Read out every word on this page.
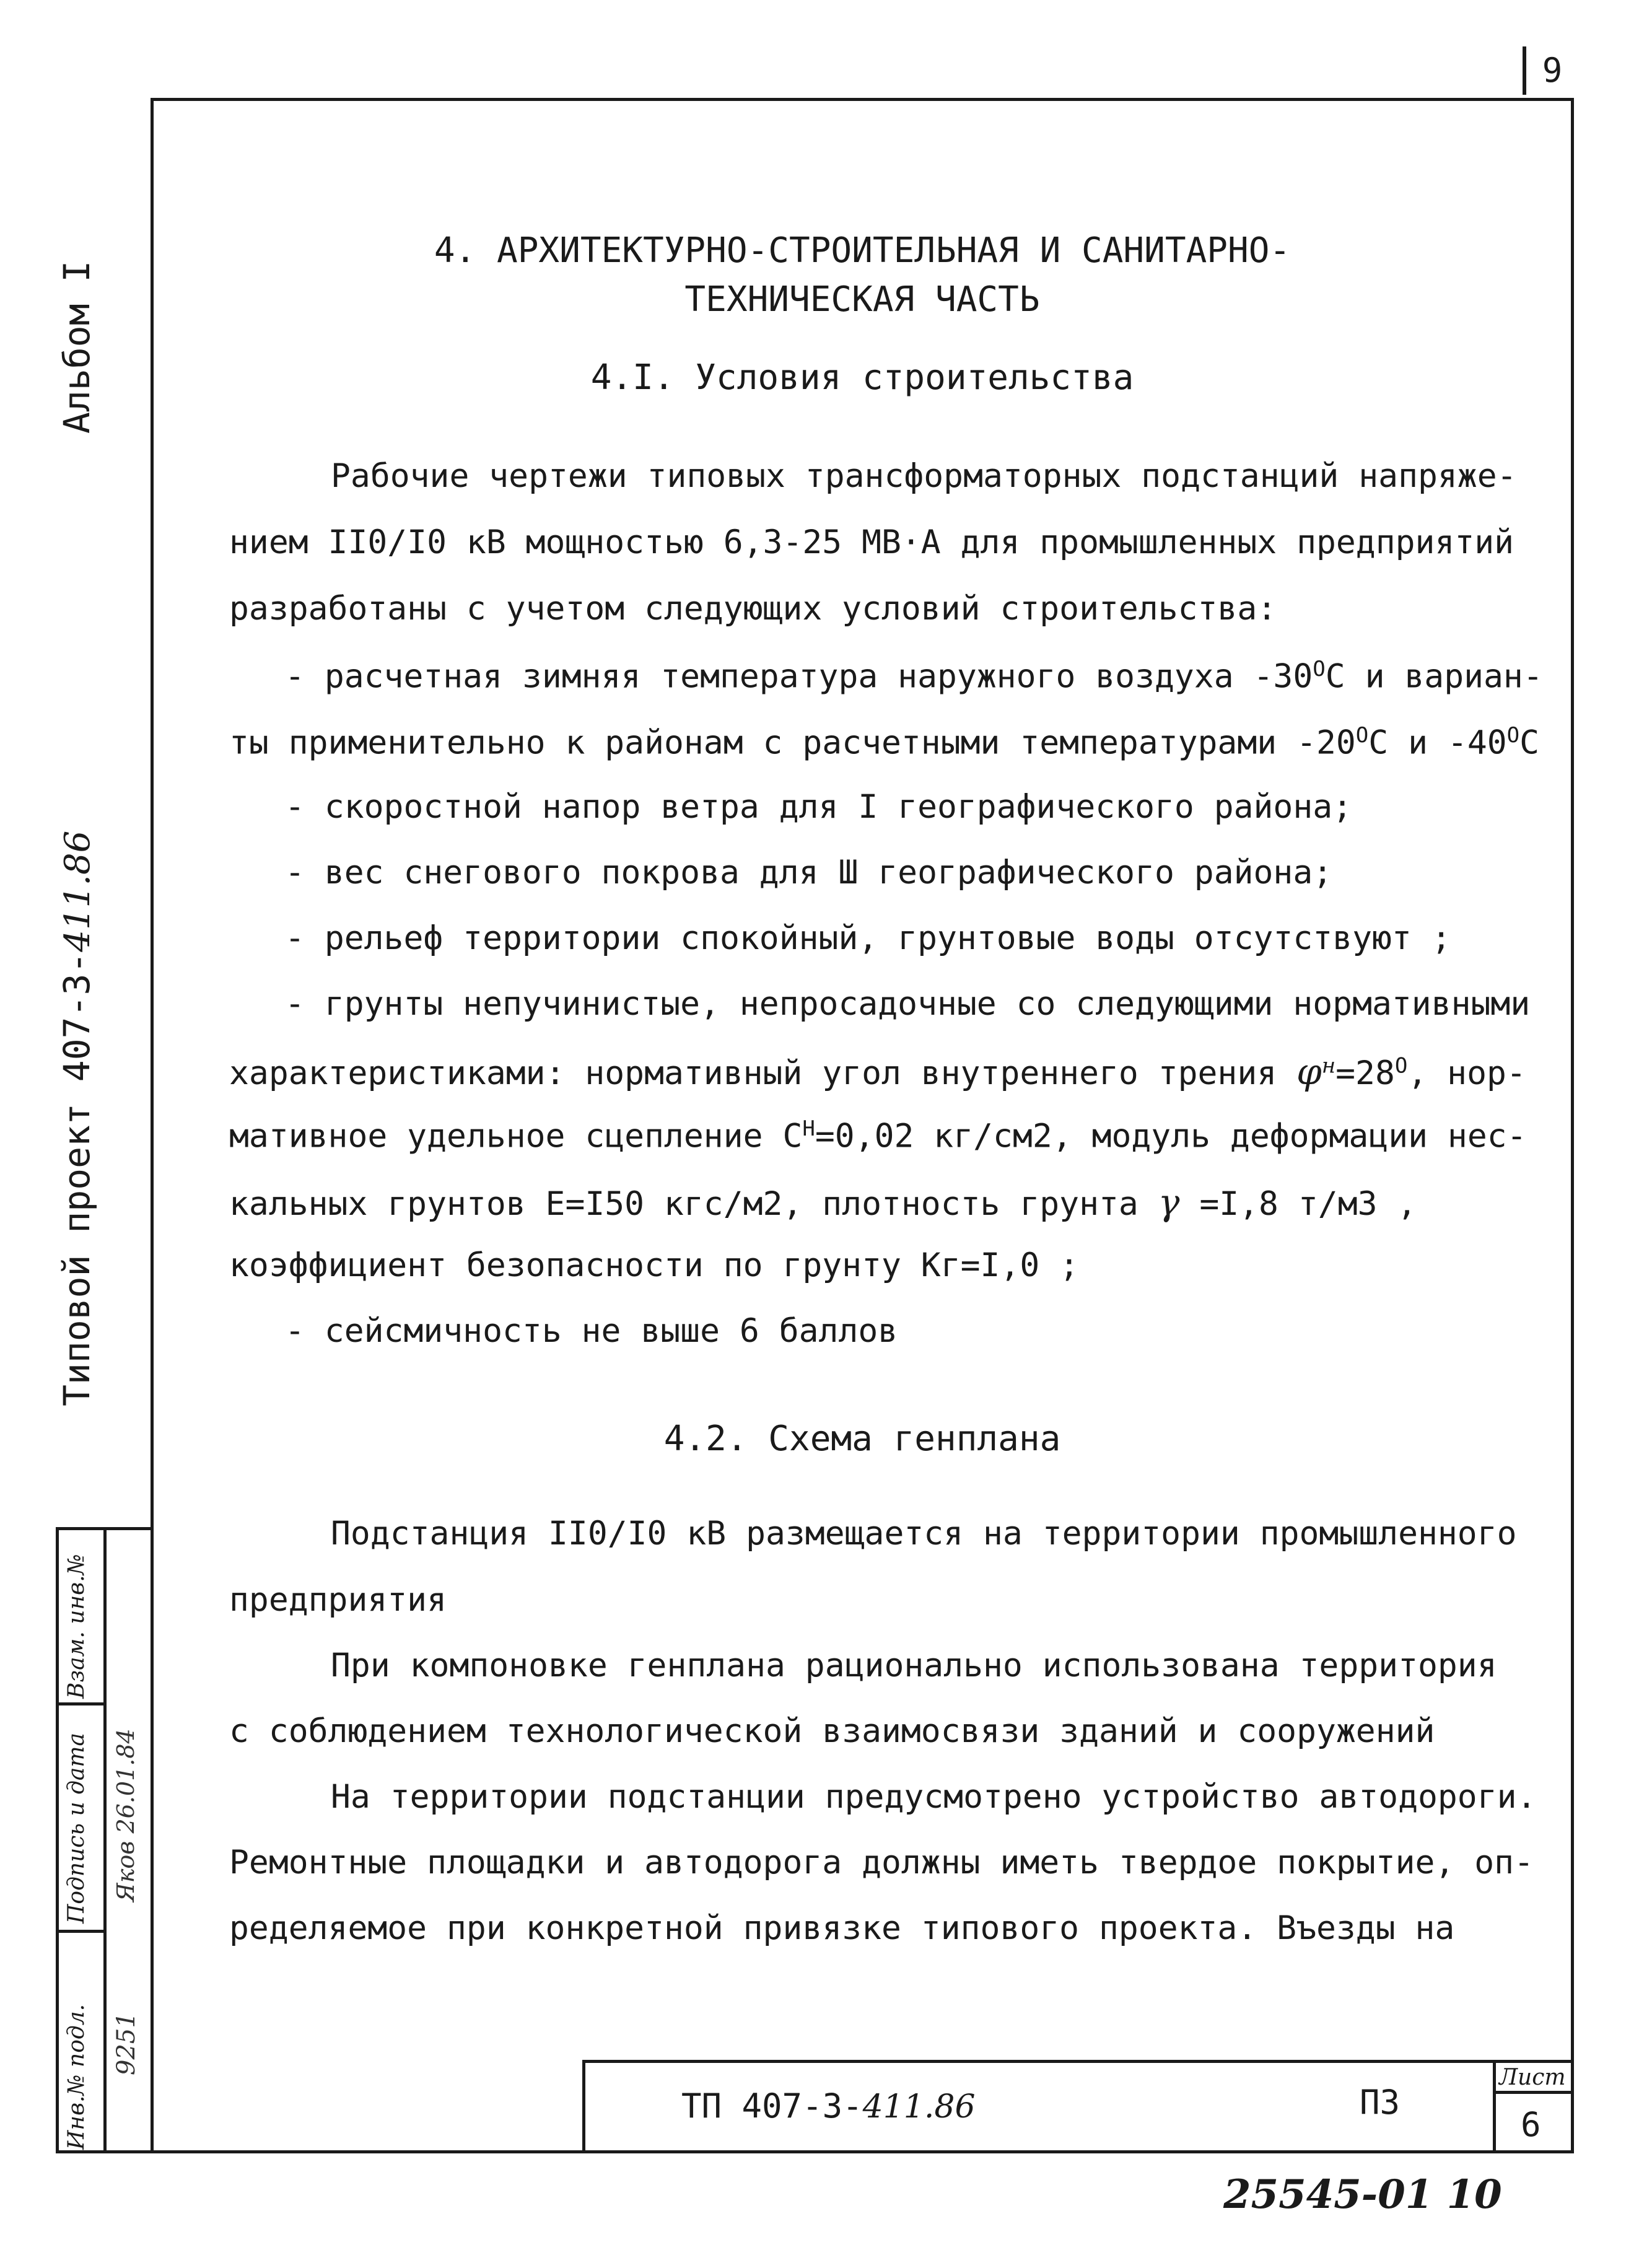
9
Альбом I
Типовой проект 407-3-411.86
Взам. инв.№
Подпись и дата
Инв.№ подл.
Яков 26.01.84
9251
4. АРХИТЕКТУРНО-СТРОИТЕЛЬНАЯ И САНИТАРНО-
ТЕХНИЧЕСКАЯ ЧАСТЬ
4.I. Условия строительства
Рабочие чертежи типовых трансформаторных подстанций напряже-
нием II0/I0 кВ мощностью 6,3-25 МВ·А для промышленных предприятий
разработаны с учетом следующих условий строительства:
- расчетная зимняя температура наружного воздуха $-30^OС$ и вариан-
ты применительно к районам с расчетными температурами $-20^OС$ и $-40^OС$
- скоростной напор ветра для I географического района;
- вес снегового покрова для Ш географического района;
- рельеф территории спокойный, грунтовые воды отсутствуют ;
- грунты непучинистые, непросадочные со следующими нормативными
характеристиками: нормативный угол внутреннего трения $\varphi^н=28^O$, нор-
мативное удельное сцепление $С^Н=0,02$ кг/см2, модуль деформации нес-
кальных грунтов Е=I50 кгс/м2, плотность грунта γ =I,8 т/м3 ,
коэффициент безопасности по грунту Кг=I,0 ;
- сейсмичность не выше 6 баллов
4.2. Схема генплана
Подстанция II0/I0 кВ размещается на территории промышленного
предприятия
При компоновке генплана рационально использована территория
с соблюдением технологической взаимосвязи зданий и сооружений
На территории подстанции предусмотрено устройство автодороги.
Ремонтные площадки и автодорога должны иметь твердое покрытие, оп-
ределяемое при конкретной привязке типового проекта. Въезды на
ТП 407-3-411.86	ПЗ
Лист
6
25545-01 10
